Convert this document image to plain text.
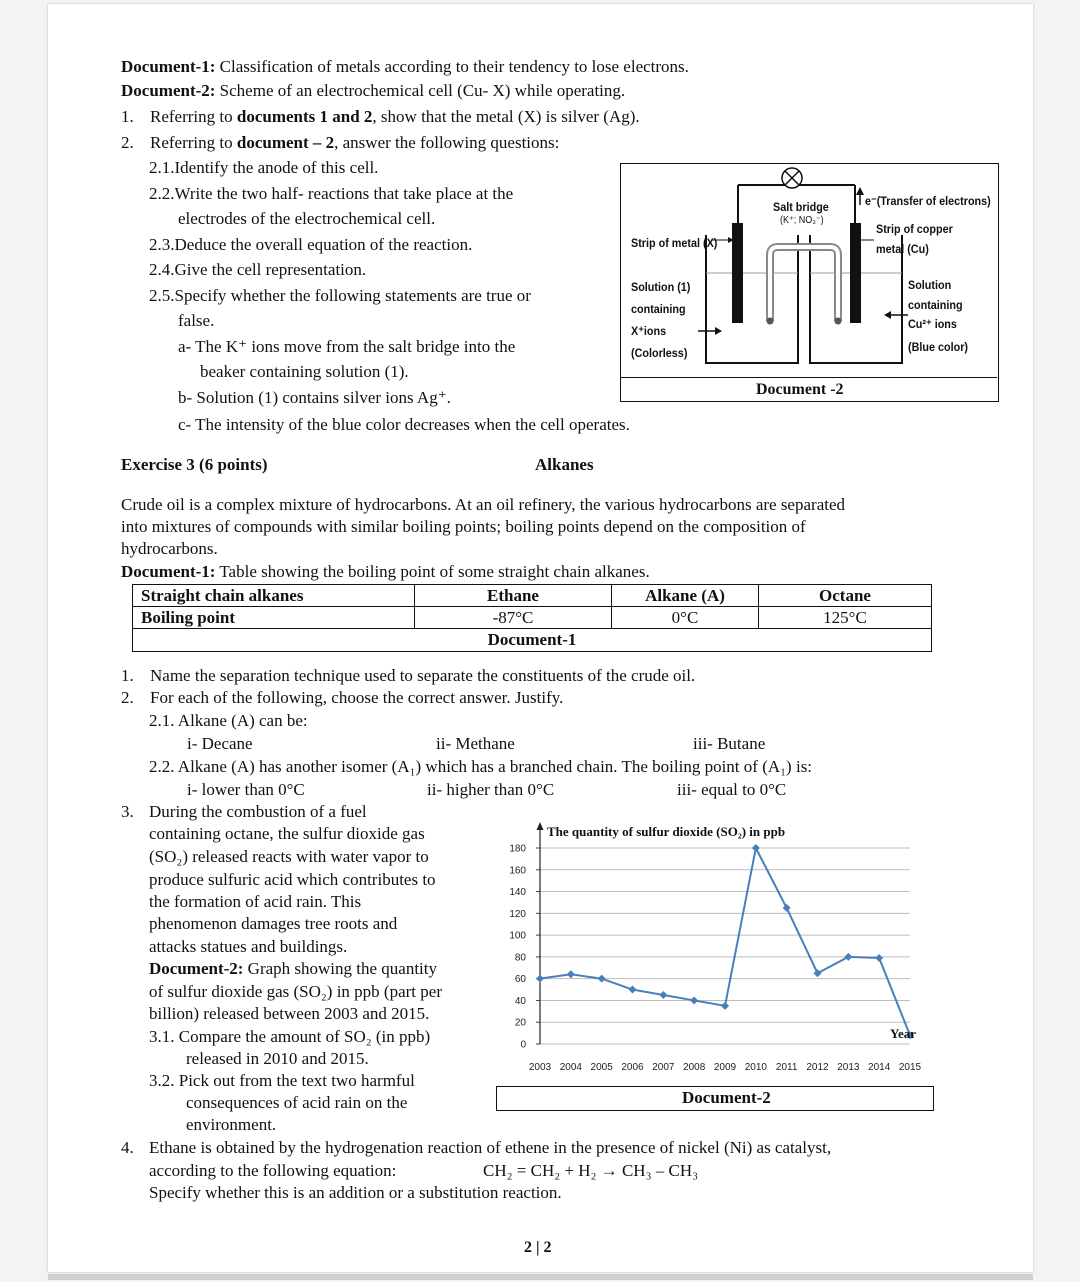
Document-1: Classification of metals according to their tendency to lose electrons.
Document-2: Scheme of an electrochemical cell (Cu- X) while operating.
1. Referring to documents 1 and 2, show that the metal (X) is silver (Ag).
2. Referring to document – 2, answer the following questions:
2.1.Identify the anode of this cell.
2.2.Write the two half- reactions that take place at the
electrodes of the electrochemical cell.
2.3.Deduce the overall equation of the reaction.
2.4.Give the cell representation.
2.5.Specify whether the following statements are true or
false.
a- The K⁺ ions move from the salt bridge into the
beaker containing solution (1).
b- Solution (1) contains silver ions Ag⁺.
c- The intensity of the blue color decreases when the cell operates.
Salt bridge
(K⁺; NO₃⁻)
e⁻(Transfer of electrons)
Strip of metal (X)
Strip of copper
metal (Cu)
Solution (1)
containing
X⁺ions
(Colorless)
Solution
containing
Cu²⁺ ions
(Blue color)
Document -2
Exercise 3 (6 points)	Alkanes
Crude oil is a complex mixture of hydrocarbons. At an oil refinery, the various hydrocarbons are separated
into mixtures of compounds with similar boiling points; boiling points depend on the composition of
hydrocarbons.
Document-1: Table showing the boiling point of some straight chain alkanes.
Straight chain alkanes	Ethane	Alkane (A)	Octane
Boiling point	-87°C	0°C	125°C
Document-1			
1. Name the separation technique used to separate the constituents of the crude oil.
2. For each of the following, choose the correct answer. Justify.
2.1. Alkane (A) can be:
i- Decane	ii- Methane	iii- Butane
2.2. Alkane (A) has another isomer (A₁) which has a branched chain. The boiling point of (A₁) is:
i- lower than 0°C	ii- higher than 0°C	iii- equal to 0°C
3. During the combustion of a fuel
containing octane, the sulfur dioxide gas
(SO₂) released reacts with water vapor to
produce sulfuric acid which contributes to
the formation of acid rain. This
phenomenon damages tree roots and
attacks statues and buildings.
Document-2: Graph showing the quantity
of sulfur dioxide gas (SO₂) in ppb (part per
billion) released between 2003 and 2015.
3.1. Compare the amount of SO₂ (in ppb)
released in 2010 and 2015.
3.2. Pick out from the text two harmful
consequences of acid rain on the
environment.
0
20
40
60
80
100
120
140
160
180
2003 2004 2005 2006 2007 2008 2009 2010 2011 2012 2013 2014 2015
The quantity of sulfur dioxide (SO₂) in ppb
Year
Document-2
4. Ethane is obtained by the hydrogenation reaction of ethene in the presence of nickel (Ni) as catalyst,
according to the following equation:	CH₂ = CH₂ + H₂ → CH₃ – CH₃
Specify whether this is an addition or a substitution reaction.
2 | 2
